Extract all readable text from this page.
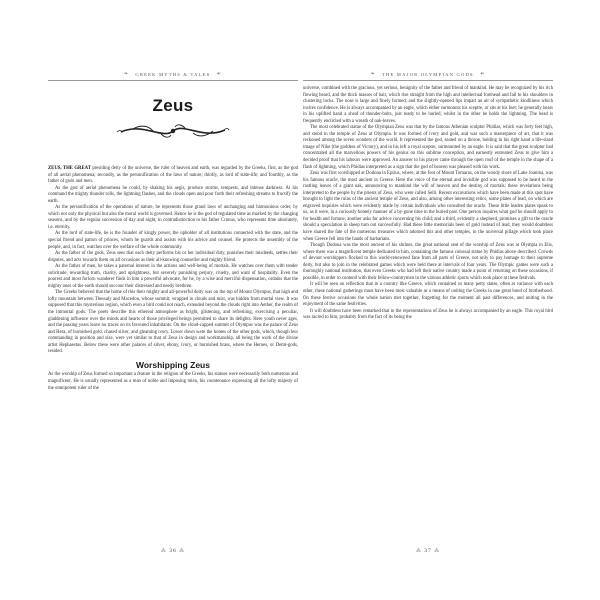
❧ GREEK MYTHS & TALES ☙
Zeus

ZEUS, THE GREAT presiding deity of the universe, the ruler of heaven and earth, was regarded by the Greeks, first, as the god of all aerial phenomena; secondly, as the personification of the laws of nature; thirdly, as lord of state-life; and fourthly, as the father of gods and men.

As the god of aerial phenomena he could, by shaking his aegis, produce storms, tempests, and intense darkness. At his command the mighty thunder rolls, the lightning flashes, and the clouds open and pour forth their refreshing streams to fructify the earth.

As the personification of the operations of nature, he represents those grand laws of unchanging and harmonious order, by which not only the physical but also the moral world is governed. Hence he is the god of regulated time as marked by the changing seasons, and by the regular succession of day and night, in contradistinction to his father Cronus, who represents time absolutely, i.e. eternity.

As the lord of state-life, he is the founder of kingly power, the upholder of all institutions connected with the state, and the special friend and patron of princes, whom he guards and assists with his advice and counsel. He protects the assembly of the people, and, in fact, watches over the welfare of the whole community.

As the father of the gods, Zeus sees that each deity performs his or her individual duty, punishes their misdeeds, settles their disputes, and acts towards them on all occasions as their all-knowing counsellor and mighty friend.

As the father of men, he takes a paternal interest in the actions and well-being of mortals. He watches over them with tender solicitude, rewarding truth, charity, and uprightness, but severely punishing perjury, cruelty, and want of hospitality. Even the poorest and most forlorn wanderer finds in him a powerful advocate, for he, by a wise and merciful dispensation, ordains that the mighty ones of the earth should succour their distressed and needy brethren.

The Greeks believed that the home of this their mighty and all-powerful deity was on the top of Mount Olympus, that high and lofty mountain between Thessaly and Macedon, whose summit, wrapped in clouds and mist, was hidden from mortal view. It was supposed that this mysterious region, which even a bird could not reach, extended beyond the clouds right into Aether, the realm of the immortal gods. The poets describe this ethereal atmosphere as bright, glistening, and refreshing, exercising a peculiar, gladdening influence over the minds and hearts of those privileged beings permitted to share its delights. Here youth never ages, and the passing years leave no traces on its favoured inhabitants. On the cloud-capped summit of Olympus was the palace of Zeus and Hera, of burnished gold, chased silver, and gleaming ivory. Lower down were the homes of the other gods, which, though less commanding in position and size, were yet similar to that of Zeus in design and workmanship, all being the work of the divine artist Hephaestus. Below these were other palaces of silver, ebony, ivory, or burnished brass, where the Heroes, or Demi-gods, resided.

Worshipping Zeus

As the worship of Zeus formed so important a feature in the religion of the Greeks, his statues were necessarily both numerous and magnificent. He is usually represented as a man of noble and imposing mien, his countenance expressing all the lofty majesty of the omnipotent ruler of the

❧ THE MAJOR OLYMPIAN GODS ☙

universe, combined with the gracious, yet serious, benignity of the father and friend of mankind. He may be recognized by his rich flowing beard, and the thick masses of hair, which rise straight from the high and intellectual forehead and fall to his shoulders in clustering locks. The nose is large and finely formed, and the slightly-opened lips impart an air of sympathetic kindliness which invites confidence. He is always accompanied by an eagle, which either surmounts his sceptre, or sits at his feet; he generally bears in his uplifted hand a sheaf of thunder-bolts, just ready to be hurled, whilst in the other he holds the lightning. The head is frequently encircled with a wreath of oak-leaves.

The most celebrated statue of the Olympian Zeus was that by the famous Athenian sculptor Phidias, which was forty feet high, and stood in the temple of Zeus at Olympia. It was formed of ivory and gold, and was such a masterpiece of art, that it was reckoned among the seven wonders of the world. It represented the god, seated on a throne, holding in his right hand a life-sized image of Nike (the goddess of Victory), and in his left a royal sceptre, surmounted by an eagle. It is said that the great sculptor had concentrated all the marvellous powers of his genius on this sublime conception, and earnestly entreated Zeus to give him a decided proof that his labours were approved. An answer to his prayer came through the open roof of the temple in the shape of a flash of lightning, which Phidias interpreted as a sign that the god of heaven was pleased with his work.

Zeus was first worshipped at Dodona in Epirus, where, at the foot of Mount Tomarus, on the woody shore of Lake Joanina, was his famous oracle, the most ancient in Greece. Here the voice of the eternal and invisible god was supposed to be heard in the rustling leaves of a giant oak, announcing to mankind the will of heaven and the destiny of mortals; these revelations being interpreted to the people by the priests of Zeus, who were called Selli. Recent excavations which have been made at this spot have brought to light the ruins of the ancient temple of Zeus, and also, among other interesting relics, some plates of lead, on which are engraved inquiries which were evidently made by certain individuals who consulted the oracle. These little leaden plates speak to us, as it were, in a curiously homely manner of a by-gone time in the buried past. One person inquires what god he should apply to for health and fortune; another asks for advice concerning his child; and a third, evidently a shepherd, promises a gift to the oracle should a speculation in sheep turn out successfully. Had these little memorials been of gold instead of lead, they would doubtless have shared the fate of the numerous treasures which adorned this and other temples, in the universal pillage which took place when Greece fell into the hands of barbarians.

Though Dodona was the most ancient of his shrines, the great national seat of the worship of Zeus was at Olympia in Elis, where there was a magnificent temple dedicated to him, containing the famous colossal statue by Phidias above described. Crowds of devout worshippers flocked to this world-renowned fane from all parts of Greece, not only to pay homage to their supreme deity, but also to join in the celebrated games which were held there at intervals of four years. The Olympic games were such a thoroughly national institution, that even Greeks who had left their native country made a point of returning on these occasions, if possible, in order to contend with their fellow-countrymen in the various athletic sports which took place at these festivals.

It will be seen on reflection that in a country like Greece, which contained so many petty states, often at variance with each other, these national gatherings must have been most valuable as a means of uniting the Greeks in one great bond of brotherhood. On these festive occasions the whole nation met together, forgetting for the moment all past differences, and uniting in the enjoyment of the same festivities.

It will doubtless have been remarked that in the representations of Zeus he is always accompanied by an eagle. This royal bird was sacred to him, probably from the fact of its being the

⁂ 36 ⁂	⁂ 37 ⁂
